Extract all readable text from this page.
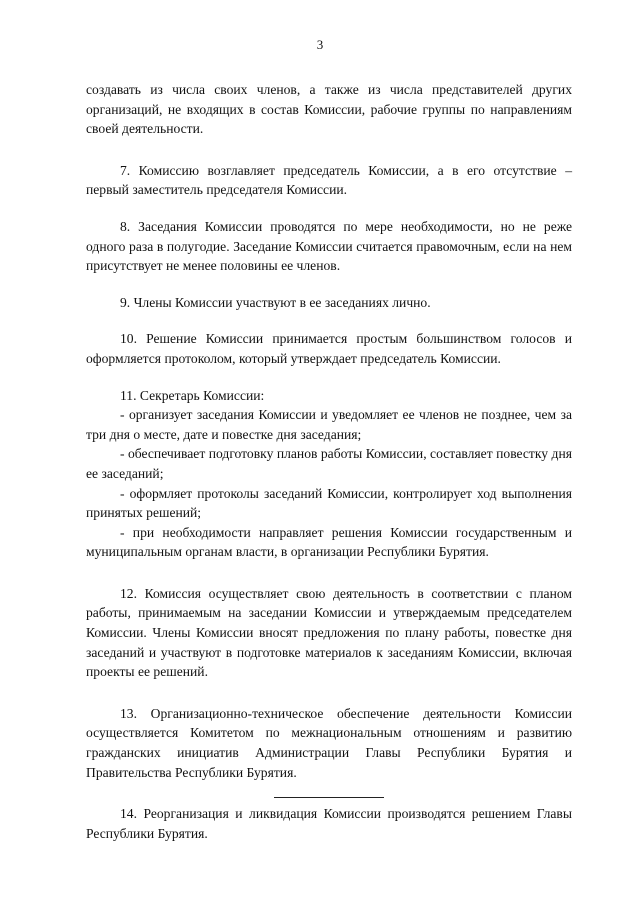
3

создавать из числа своих членов, а также из числа представителей других организаций, не входящих в состав Комиссии, рабочие группы по направлениям своей деятельности.

7. Комиссию возглавляет председатель Комиссии, а в его отсутствие – первый заместитель председателя Комиссии.

8. Заседания Комиссии проводятся по мере необходимости, но не реже одного раза в полугодие. Заседание Комиссии считается правомочным, если на нем присутствует не менее половины ее членов.

9. Члены Комиссии участвуют в ее заседаниях лично.

10. Решение Комиссии принимается простым большинством голосов и оформляется протоколом, который утверждает председатель Комиссии.

11. Секретарь Комиссии:

- организует заседания Комиссии и уведомляет ее членов не позднее, чем за три дня о месте, дате и повестке дня заседания;

- обеспечивает подготовку планов работы Комиссии, составляет повестку дня ее заседаний;

- оформляет протоколы заседаний Комиссии, контролирует ход выполнения принятых решений;

- при необходимости направляет решения Комиссии государственным и муниципальным органам власти, в организации Республики Бурятия.

12. Комиссия осуществляет свою деятельность в соответствии с планом работы, принимаемым на заседании Комиссии и утверждаемым председателем Комиссии. Члены Комиссии вносят предложения по плану работы, повестке дня заседаний и участвуют в подготовке материалов к заседаниям Комиссии, включая проекты ее решений.

13. Организационно-техническое обеспечение деятельности Комиссии осуществляется Комитетом по межнациональным отношениям и развитию гражданских инициатив Администрации Главы Республики Бурятия и Правительства Республики Бурятия.

14. Реорганизация и ликвидация Комиссии производятся решением Главы Республики Бурятия.
